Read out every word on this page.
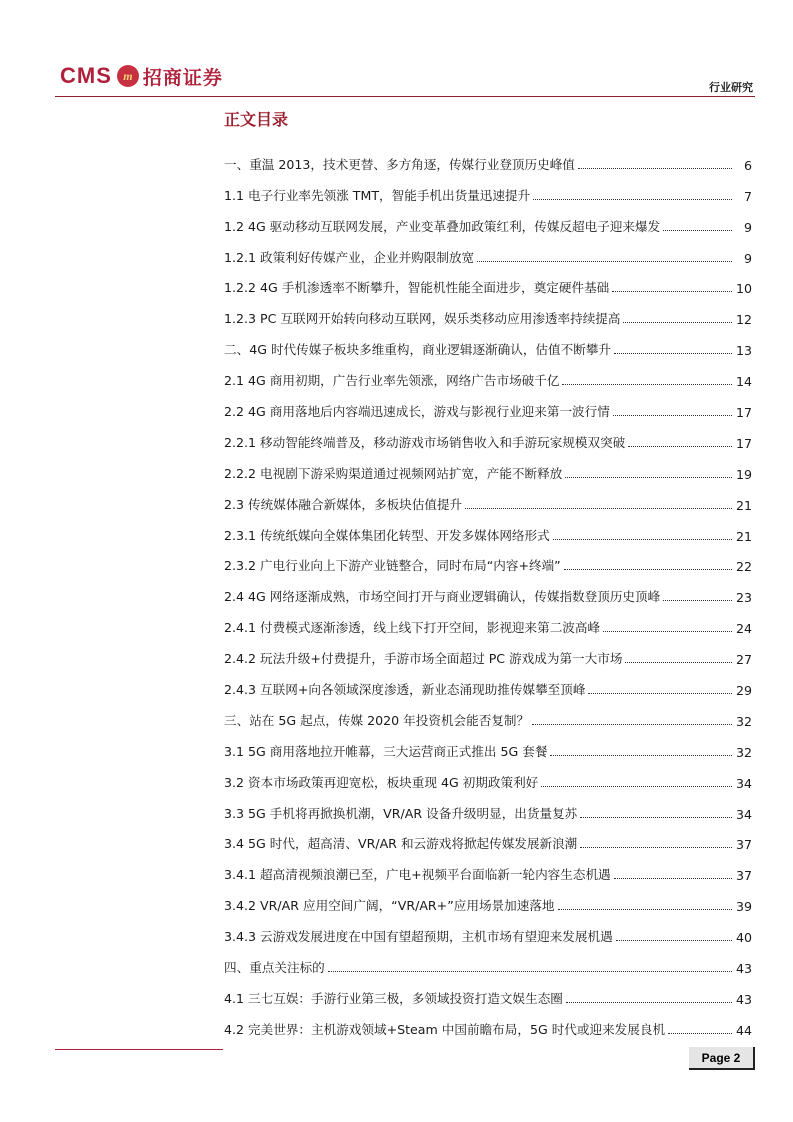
CMS m 招商证券	行业研究
正文目录
一、重温 2013，技术更替、多方角逐，传媒行业登顶历史峰值	6
1.1 电子行业率先领涨 TMT，智能手机出货量迅速提升	7
1.2 4G 驱动移动互联网发展，产业变革叠加政策红利，传媒反超电子迎来爆发	9
1.2.1 政策利好传媒产业，企业并购限制放宽	9
1.2.2 4G 手机渗透率不断攀升，智能机性能全面进步，奠定硬件基础	10
1.2.3 PC 互联网开始转向移动互联网，娱乐类移动应用渗透率持续提高	12
二、4G 时代传媒子板块多维重构，商业逻辑逐渐确认，估值不断攀升	13
2.1 4G 商用初期，广告行业率先领涨，网络广告市场破千亿	14
2.2 4G 商用落地后内容端迅速成长，游戏与影视行业迎来第一波行情	17
2.2.1 移动智能终端普及，移动游戏市场销售收入和手游玩家规模双突破	17
2.2.2 电视剧下游采购渠道通过视频网站扩宽，产能不断释放	19
2.3 传统媒体融合新媒体，多板块估值提升	21
2.3.1 传统纸媒向全媒体集团化转型、开发多媒体网络形式	21
2.3.2 广电行业向上下游产业链整合，同时布局“内容+终端”	22
2.4 4G 网络逐渐成熟，市场空间打开与商业逻辑确认，传媒指数登顶历史顶峰	23
2.4.1 付费模式逐渐渗透，线上线下打开空间，影视迎来第二波高峰	24
2.4.2 玩法升级+付费提升，手游市场全面超过 PC 游戏成为第一大市场	27
2.4.3 互联网+向各领域深度渗透，新业态涌现助推传媒攀至顶峰	29
三、站在 5G 起点，传媒 2020 年投资机会能否复制？	32
3.1 5G 商用落地拉开帷幕，三大运营商正式推出 5G 套餐	32
3.2 资本市场政策再迎宽松，板块重现 4G 初期政策利好	34
3.3 5G 手机将再掀换机潮，VR/AR 设备升级明显，出货量复苏	34
3.4 5G 时代，超高清、VR/AR 和云游戏将掀起传媒发展新浪潮	37
3.4.1 超高清视频浪潮已至，广电+视频平台面临新一轮内容生态机遇	37
3.4.2 VR/AR 应用空间广阔，“VR/AR+”应用场景加速落地	39
3.4.3 云游戏发展进度在中国有望超预期，主机市场有望迎来发展机遇	40
四、重点关注标的	43
4.1 三七互娱：手游行业第三极，多领域投资打造文娱生态圈	43
4.2 完美世界：主机游戏领域+Steam 中国前瞻布局，5G 时代或迎来发展良机	44
Page 2
